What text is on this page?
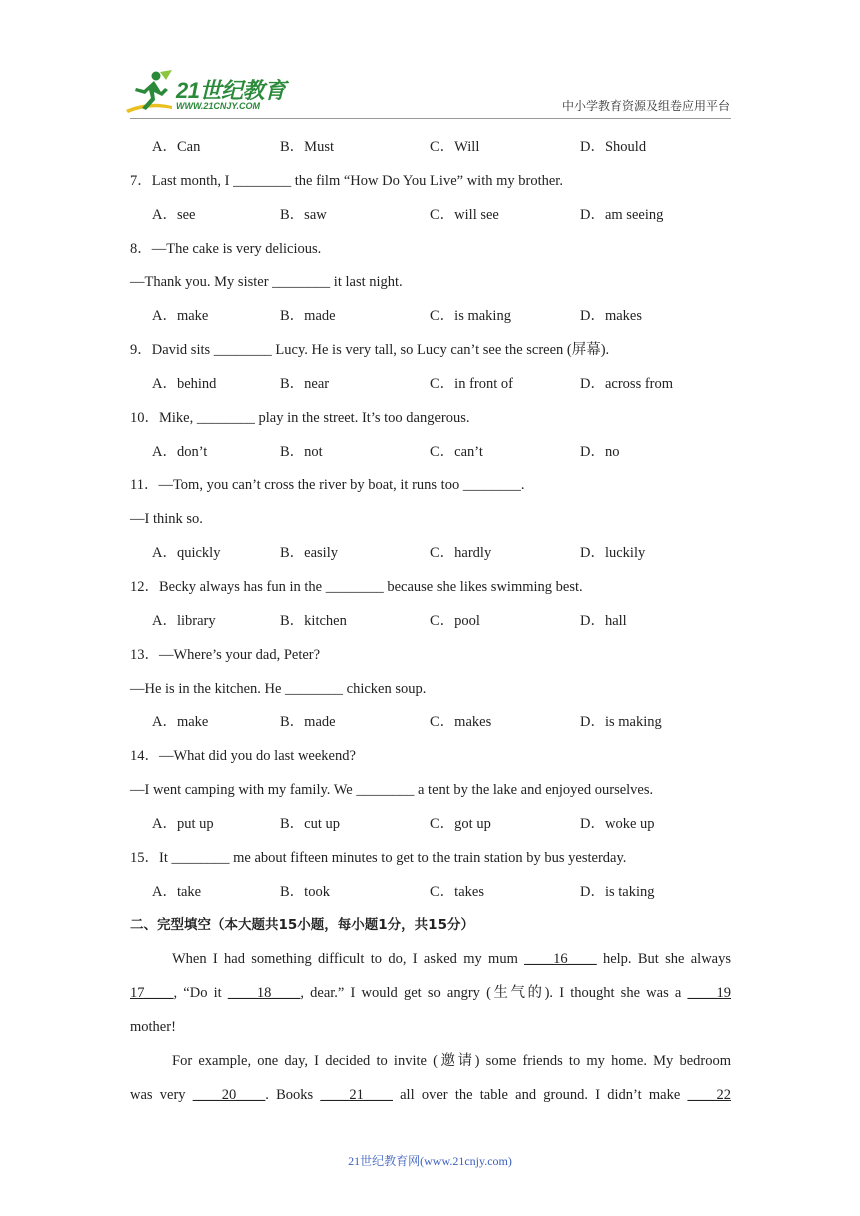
21世纪教育
WWW.21CNJY.COM	中小学教育资源及组卷应用平台
A．Can	B．Must	C．Will	D．Should
7．Last month, I ________ the film “How Do You Live” with my brother.
A．see	B．saw	C．will see	D．am seeing
8．—The cake is very delicious.
—Thank you. My sister ________ it last night.
A．make	B．made	C．is making	D．makes
9．David sits ________ Lucy. He is very tall, so Lucy can’t see the screen (屏幕).
A．behind	B．near	C．in front of	D．across from
10．Mike, ________ play in the street. It’s too dangerous.
A．don’t	B．not	C．can’t	D．no
11．—Tom, you can’t cross the river by boat, it runs too ________.
—I think so.
A．quickly	B．easily	C．hardly	D．luckily
12．Becky always has fun in the ________ because she likes swimming best.
A．library	B．kitchen	C．pool	D．hall
13．—Where’s your dad, Peter?
—He is in the kitchen. He ________ chicken soup.
A．make	B．made	C．makes	D．is making
14．—What did you do last weekend?
—I went camping with my family. We ________ a tent by the lake and enjoyed ourselves.
A．put up	B．cut up	C．got up	D．woke up
15．It ________ me about fifteen minutes to get to the train station by bus yesterday.
A．take	B．took	C．takes	D．is taking
二、完型填空（本大题共15小题，每小题1分，共15分）
When I had something difficult to do, I asked my mum ____16____ help. But she always
17____, “Do it ____18____, dear.” I would get so angry (生气的). I thought she was a ____19
mother!
For example, one day, I decided to invite (邀请) some friends to my home. My bedroom
was very ____20____. Books ____21____ all over the table and ground. I didn’t make ____22
21世纪教育网(www.21cnjy.com)
